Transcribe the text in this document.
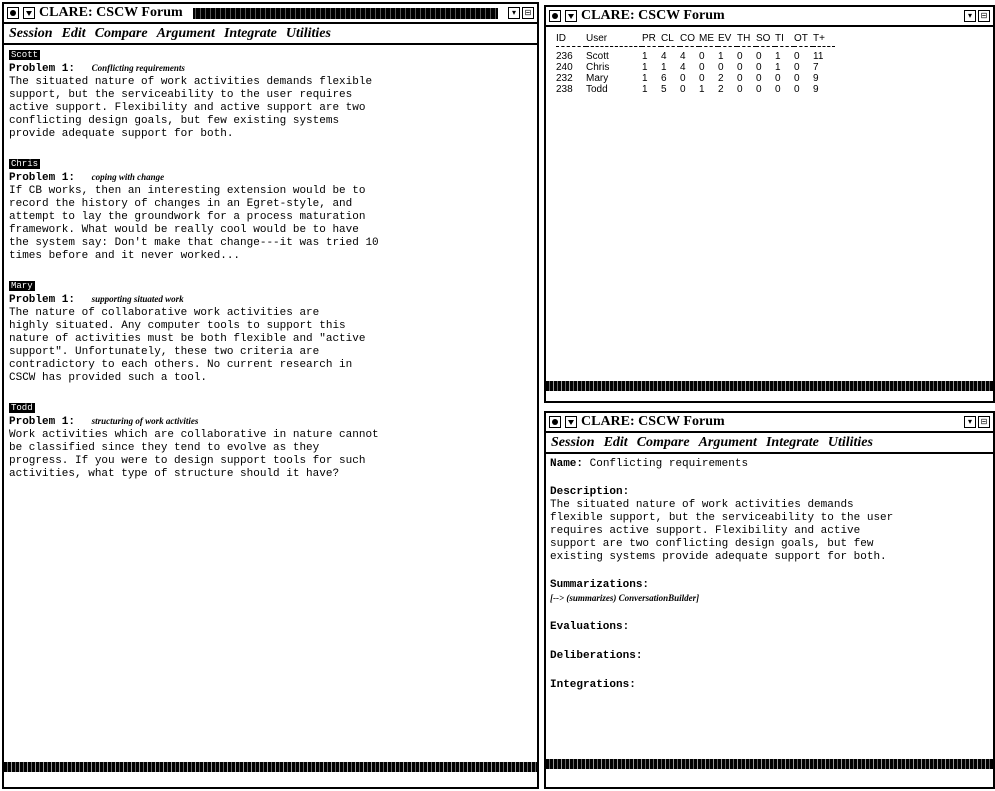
CLARE: CSCW Forum	▾ ⊟
Session Edit Compare Argument Integrate Utilities
Scott
Problem 1: Conflicting requirements
The situated nature of work activities demands flexible
support, but the serviceability to the user requires
active support. Flexibility and active support are two
conflicting design goals, but few existing systems
provide adequate support for both.
Chris
Problem 1: coping with change
If CB works, then an interesting extension would be to
record the history of changes in an Egret-style, and
attempt to lay the groundwork for a process maturation
framework. What would be really cool would be to have
the system say: Don't make that change---it was tried 10
times before and it never worked...
Mary
Problem 1: supporting situated work
The nature of collaborative work activities are
highly situated. Any computer tools to support this
nature of activities must be both flexible and "active
support". Unfortunately, these two criteria are
contradictory to each others. No current research in
CSCW has provided such a tool.
Todd
Problem 1: structuring of work activities
Work activities which are collaborative in nature cannot
be classified since they tend to evolve as they
progress. If you were to design support tools for such
activities, what type of structure should it have?
CLARE: CSCW Forum	▾ ⊟
ID	User	PR	CL	CO	ME	EV	TH	SO	TI	OT	T+
236	Scott	1	4	4	0	1	0	0	1	0	11
240	Chris	1	1	4	0	0	0	0	1	0	7
232	Mary	1	6	0	0	2	0	0	0	0	9
238	Todd	1	5	0	1	2	0	0	0	0	9
CLARE: CSCW Forum	▾ ⊟
Session Edit Compare Argument Integrate Utilities
Name: Conflicting requirements
Description:
The situated nature of work activities demands
flexible support, but the serviceability to the user
requires active support. Flexibility and active
support are two conflicting design goals, but few
existing systems provide adequate support for both.
Summarizations:
[--> (summarizes) ConversationBuilder]
Evaluations:
Deliberations:
Integrations:
